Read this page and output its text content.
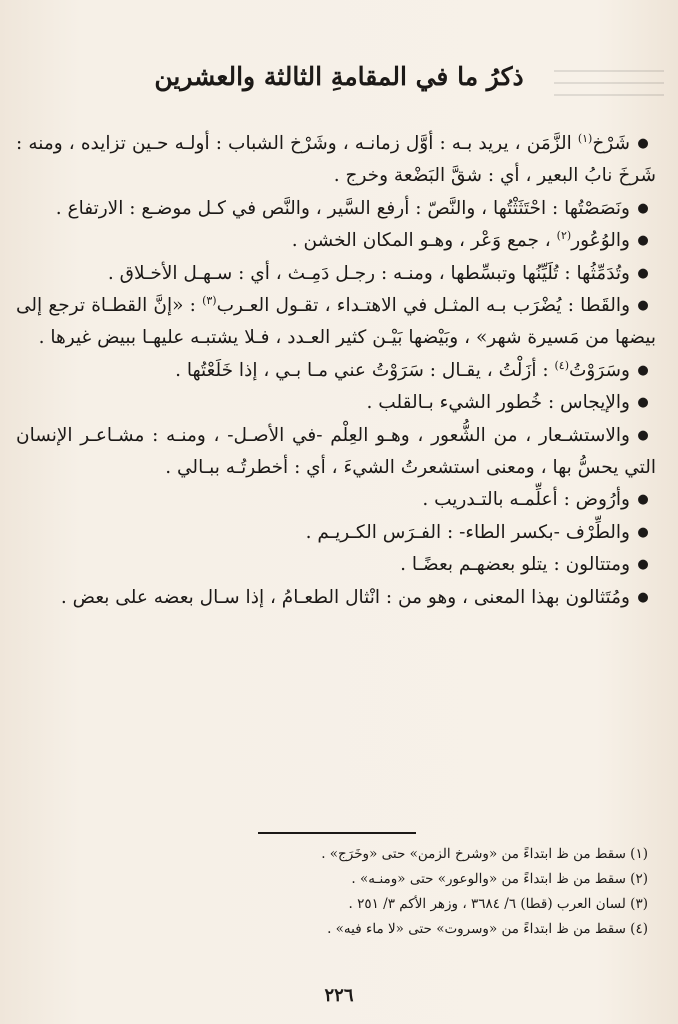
ذكرُ ما في المقامةِ الثالثة والعشرين

●شَرْخ$^{(١)}$ الزَّمَن ، يريد بـه : أوَّل زمانـه ، وشَرْخ الشباب : أولـه حـين تزايده ، ومنه : شَرخَ نابُ البعير ، أي : شقَّ البَضْعة وخرج .

●ونَصَصْتُها : احْتَثَثْتُها ، والنَّصّ : أرفع السَّير ، والنَّص في كـل موضـع : الارتفاع .

●والوُعُور$^{(٢)}$ ، جمع وَعْر ، وهـو المكان الخشن .

●وتُدَمِّثُها : تُلَيِّنُها وتبسِّطها ، ومنـه : رجـل دَمِـث ، أي : سـهـل الأخـلاق .

●والقَطا : يُضْرَب بـه المثـل في الاهتـداء ، تقـول العـرب$^{(٣)}$ : «إنَّ القطـاة ترجع إلى بيضها من مَسيرة شهر» ، وبَيْضها بَيْـن كثير العـدد ، فـلا يشتبـه عليهـا ببيض غيرها .

●وسَرَوْتُ$^{(٤)}$ : أزَلْتُ ، يقـال : سَرَوْتُ عني مـا بـي ، إذا خَلَعْتُها .

●والإيجاس : خُطور الشيء بـالقلب .

●والاستشـعار ، من الشُّعور ، وهـو العِلْم -في الأصـل- ، ومنـه : مشـاعـر الإنسان التي يحسُّ بها ، ومعنى استشعرتُ الشيءَ ، أي : أخطرتُـه ببـالي .

●وأرُوض : أعلِّمـه بالتـدريب .

●والطِّرْف -بكسر الطاء- : الفـرَس الكـريـم .

●ومتتالون : يتلو بعضهـم بعضًـا .

●ومُتَثالون بهذا المعنى ، وهو من : انْثال الطعـامُ ، إذا سـال بعضه على بعض .

(١) سقط من ظ ابتداءً من «وشرخ الزمن» حتى «وخَرَج» .

(٢) سقط من ظ ابتداءً من «والوعور» حتى «ومنـه» .

(٣) لسان العرب (قطا) ٦/ ٣٦٨٤ ، وزهر الأكم ٣/ ٢٥١ .

(٤) سقط من ظ ابتداءً من «وسروت» حتى «لا ماء فيه» .

٢٢٦
